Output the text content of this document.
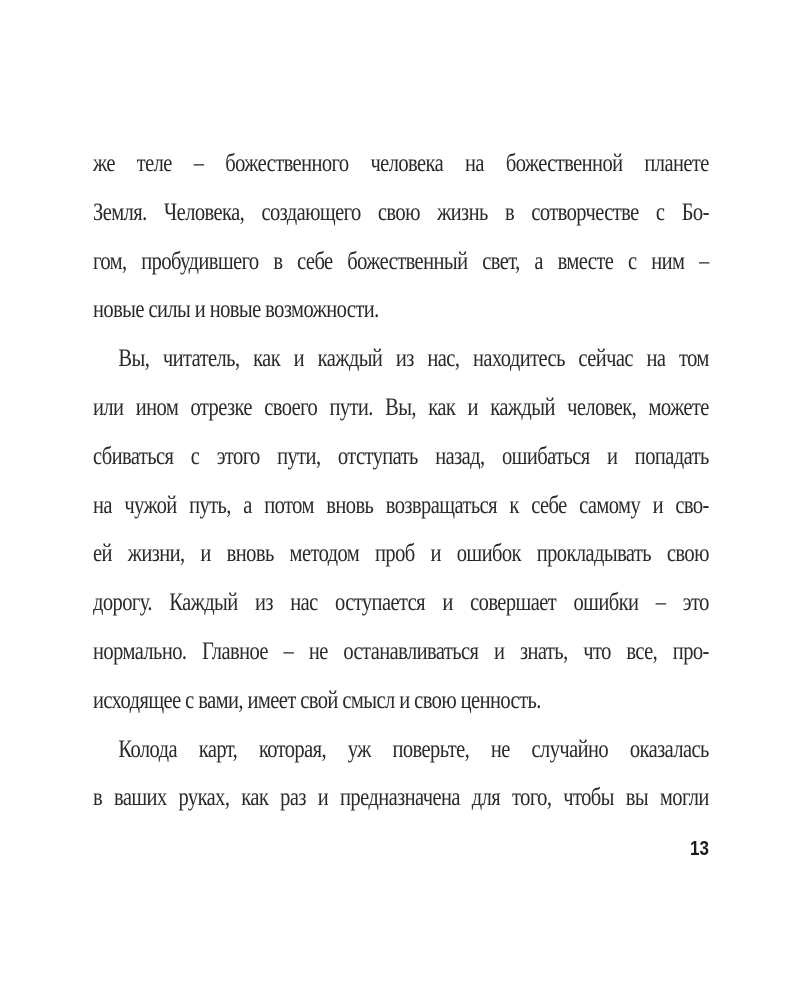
же теле – божественного человека на божественной планете
Земля. Человека, создающего свою жизнь в сотворчестве с Бо-
гом, пробудившего в себе божественный свет, а вместе с ним –
новые силы и новые возможности.
Вы, читатель, как и каждый из нас, находитесь сейчас на том
или ином отрезке своего пути. Вы, как и каждый человек, можете
сбиваться с этого пути, отступать назад, ошибаться и попадать
на чужой путь, а потом вновь возвращаться к себе самому и сво-
ей жизни, и вновь методом проб и ошибок прокладывать свою
дорогу. Каждый из нас оступается и совершает ошибки – это
нормально. Главное – не останавливаться и знать, что все, про-
исходящее с вами, имеет свой смысл и свою ценность.
Колода карт, которая, уж поверьте, не случайно оказалась
в ваших руках, как раз и предназначена для того, чтобы вы могли
13
